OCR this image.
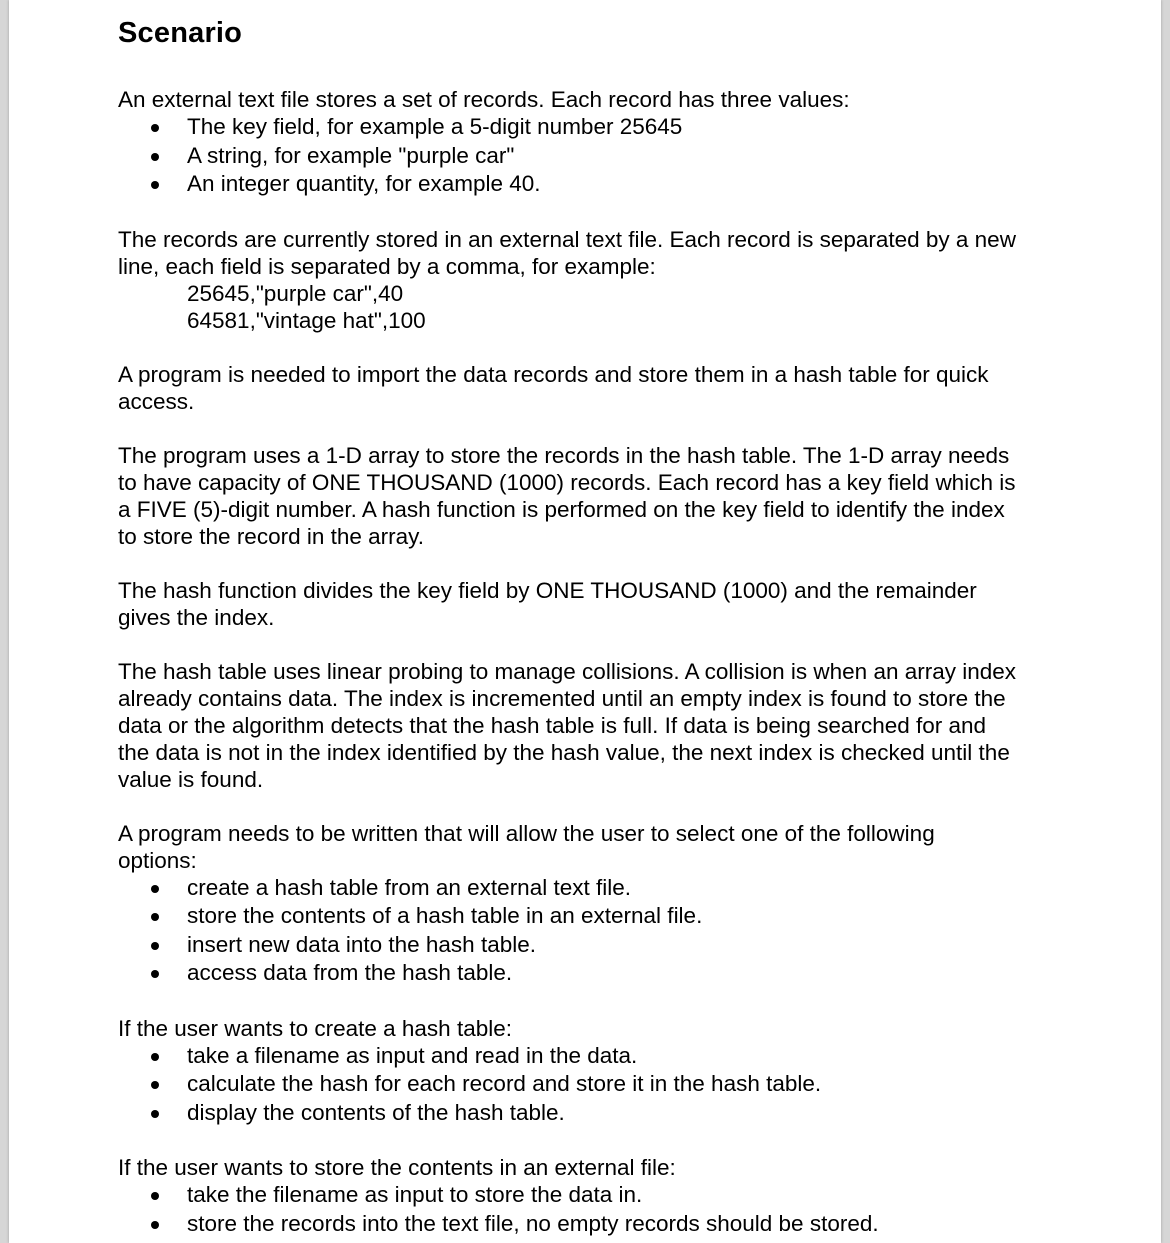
Scenario

An external text file stores a set of records. Each record has three values:

The key field, for example a 5-digit number 25645
A string, for example "purple car"
An integer quantity, for example 40.

The records are currently stored in an external text file. Each record is separated by a new

line, each field is separated by a comma, for example:

25645,"purple car",40

64581,"vintage hat",100

A program is needed to import the data records and store them in a hash table for quick

access.

The program uses a 1-D array to store the records in the hash table. The 1-D array needs

to have capacity of ONE THOUSAND (1000) records. Each record has a key field which is

a FIVE (5)-digit number. A hash function is performed on the key field to identify the index

to store the record in the array.

The hash function divides the key field by ONE THOUSAND (1000) and the remainder

gives the index.

The hash table uses linear probing to manage collisions. A collision is when an array index

already contains data. The index is incremented until an empty index is found to store the

data or the algorithm detects that the hash table is full. If data is being searched for and

the data is not in the index identified by the hash value, the next index is checked until the

value is found.

A program needs to be written that will allow the user to select one of the following

options:

create a hash table from an external text file.
store the contents of a hash table in an external file.
insert new data into the hash table.
access data from the hash table.

If the user wants to create a hash table:

take a filename as input and read in the data.
calculate the hash for each record and store it in the hash table.
display the contents of the hash table.

If the user wants to store the contents in an external file:

take the filename as input to store the data in.
store the records into the text file, no empty records should be stored.
